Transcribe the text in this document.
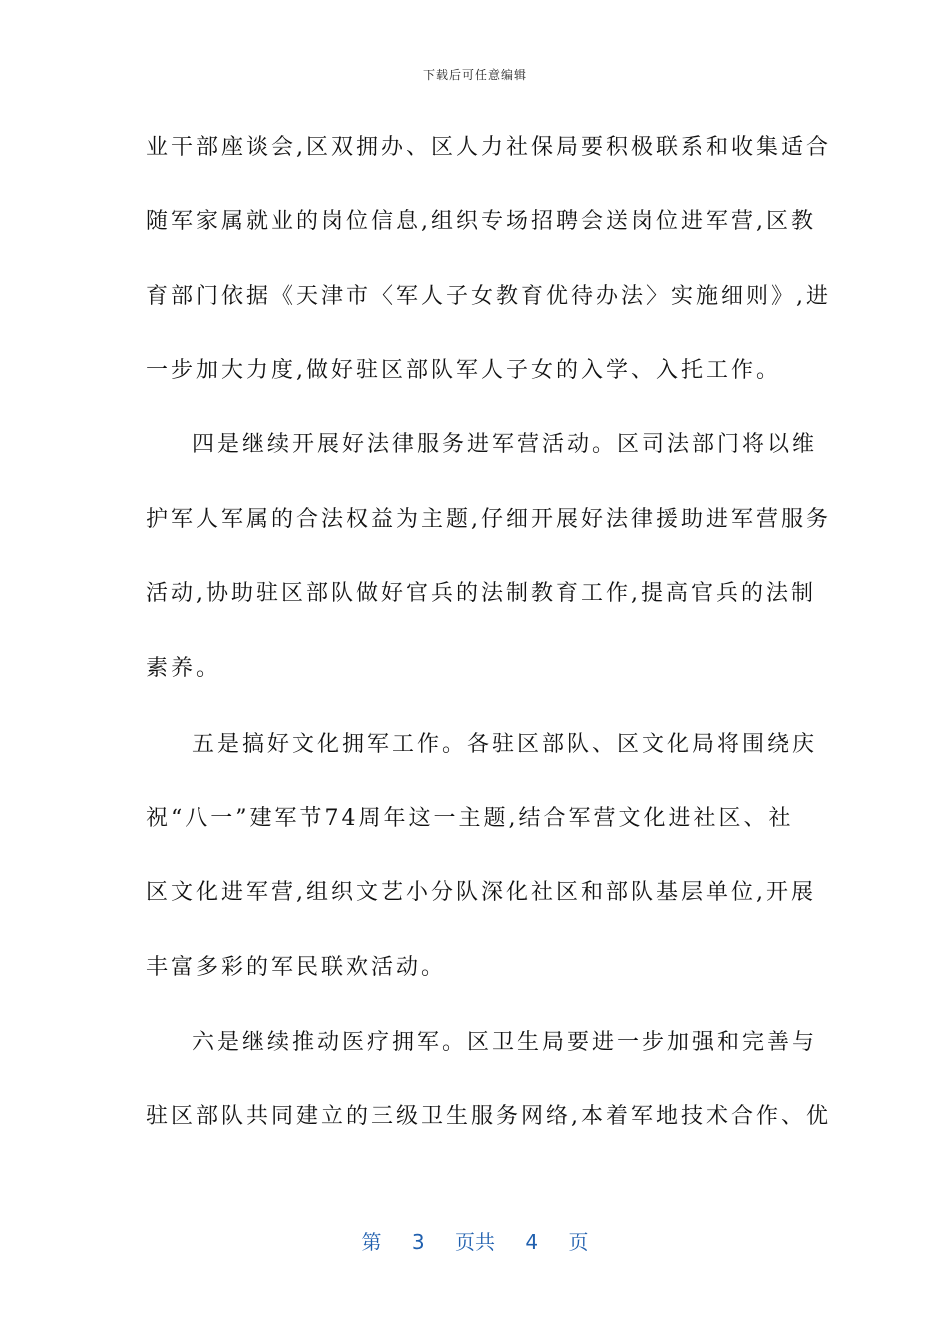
下载后可任意编辑
业干部座谈会,区双拥办、区人力社保局要积极联系和收集适合
随军家属就业的岗位信息,组织专场招聘会送岗位进军营,区教
育部门依据《天津市〈军人子女教育优待办法〉实施细则》,进
一步加大力度,做好驻区部队军人子女的入学、入托工作。
四是继续开展好法律服务进军营活动。区司法部门将以维
护军人军属的合法权益为主题,仔细开展好法律援助进军营服务
活动,协助驻区部队做好官兵的法制教育工作,提高官兵的法制
素养。
五是搞好文化拥军工作。各驻区部队、区文化局将围绕庆
祝“八一”建军节74周年这一主题,结合军营文化进社区、社
区文化进军营,组织文艺小分队深化社区和部队基层单位,开展
丰富多彩的军民联欢活动。
六是继续推动医疗拥军。区卫生局要进一步加强和完善与
驻区部队共同建立的三级卫生服务网络,本着军地技术合作、优
第 3 页共 4 页
